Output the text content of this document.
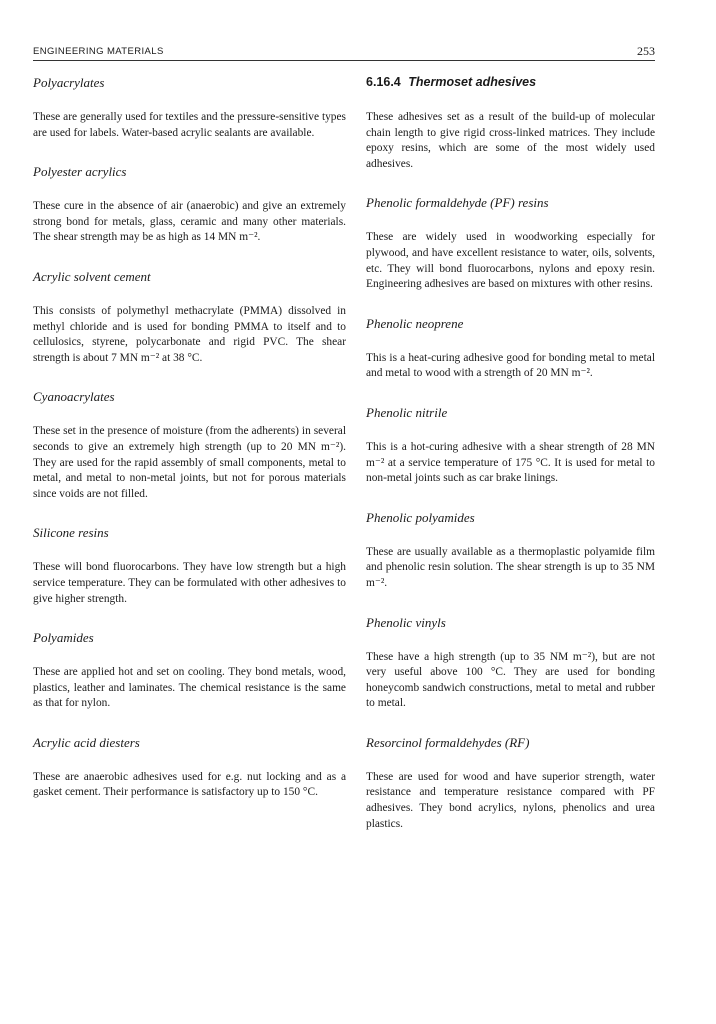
ENGINEERING MATERIALS	253
Polyacrylates

These are generally used for textiles and the pressure-sensitive types are used for labels. Water-based acrylic sealants are available.

Polyester acrylics

These cure in the absence of air (anaerobic) and give an extremely strong bond for metals, glass, ceramic and many other materials. The shear strength may be as high as 14 MN m⁻².

Acrylic solvent cement

This consists of polymethyl methacrylate (PMMA) dissolved in methyl chloride and is used for bonding PMMA to itself and to cellulosics, styrene, polycarbonate and rigid PVC. The shear strength is about 7 MN m⁻² at 38 °C.

Cyanoacrylates

These set in the presence of moisture (from the adherents) in several seconds to give an extremely high strength (up to 20 MN m⁻²). They are used for the rapid assembly of small components, metal to metal, and metal to non-metal joints, but not for porous materials since voids are not filled.

Silicone resins

These will bond fluorocarbons. They have low strength but a high service temperature. They can be formulated with other adhesives to give higher strength.

Polyamides

These are applied hot and set on cooling. They bond metals, wood, plastics, leather and laminates. The chemical resistance is the same as that for nylon.

Acrylic acid diesters

These are anaerobic adhesives used for e.g. nut locking and as a gasket cement. Their performance is satisfactory up to 150 °C.

6.16.4 Thermoset adhesives

These adhesives set as a result of the build-up of molecular chain length to give rigid cross-linked matrices. They include epoxy resins, which are some of the most widely used adhesives.

Phenolic formaldehyde (PF) resins

These are widely used in woodworking especially for plywood, and have excellent resistance to water, oils, solvents, etc. They will bond fluorocarbons, nylons and epoxy resin. Engineering adhesives are based on mixtures with other resins.

Phenolic neoprene

This is a heat-curing adhesive good for bonding metal to metal and metal to wood with a strength of 20 MN m⁻².

Phenolic nitrile

This is a hot-curing adhesive with a shear strength of 28 MN m⁻² at a service temperature of 175 °C. It is used for metal to non-metal joints such as car brake linings.

Phenolic polyamides

These are usually available as a thermoplastic polyamide film and phenolic resin solution. The shear strength is up to 35 NM m⁻².

Phenolic vinyls

These have a high strength (up to 35 NM m⁻²), but are not very useful above 100 °C. They are used for bonding honeycomb sandwich constructions, metal to metal and rubber to metal.

Resorcinol formaldehydes (RF)

These are used for wood and have superior strength, water resistance and temperature resistance compared with PF adhesives. They bond acrylics, nylons, phenolics and urea plastics.
